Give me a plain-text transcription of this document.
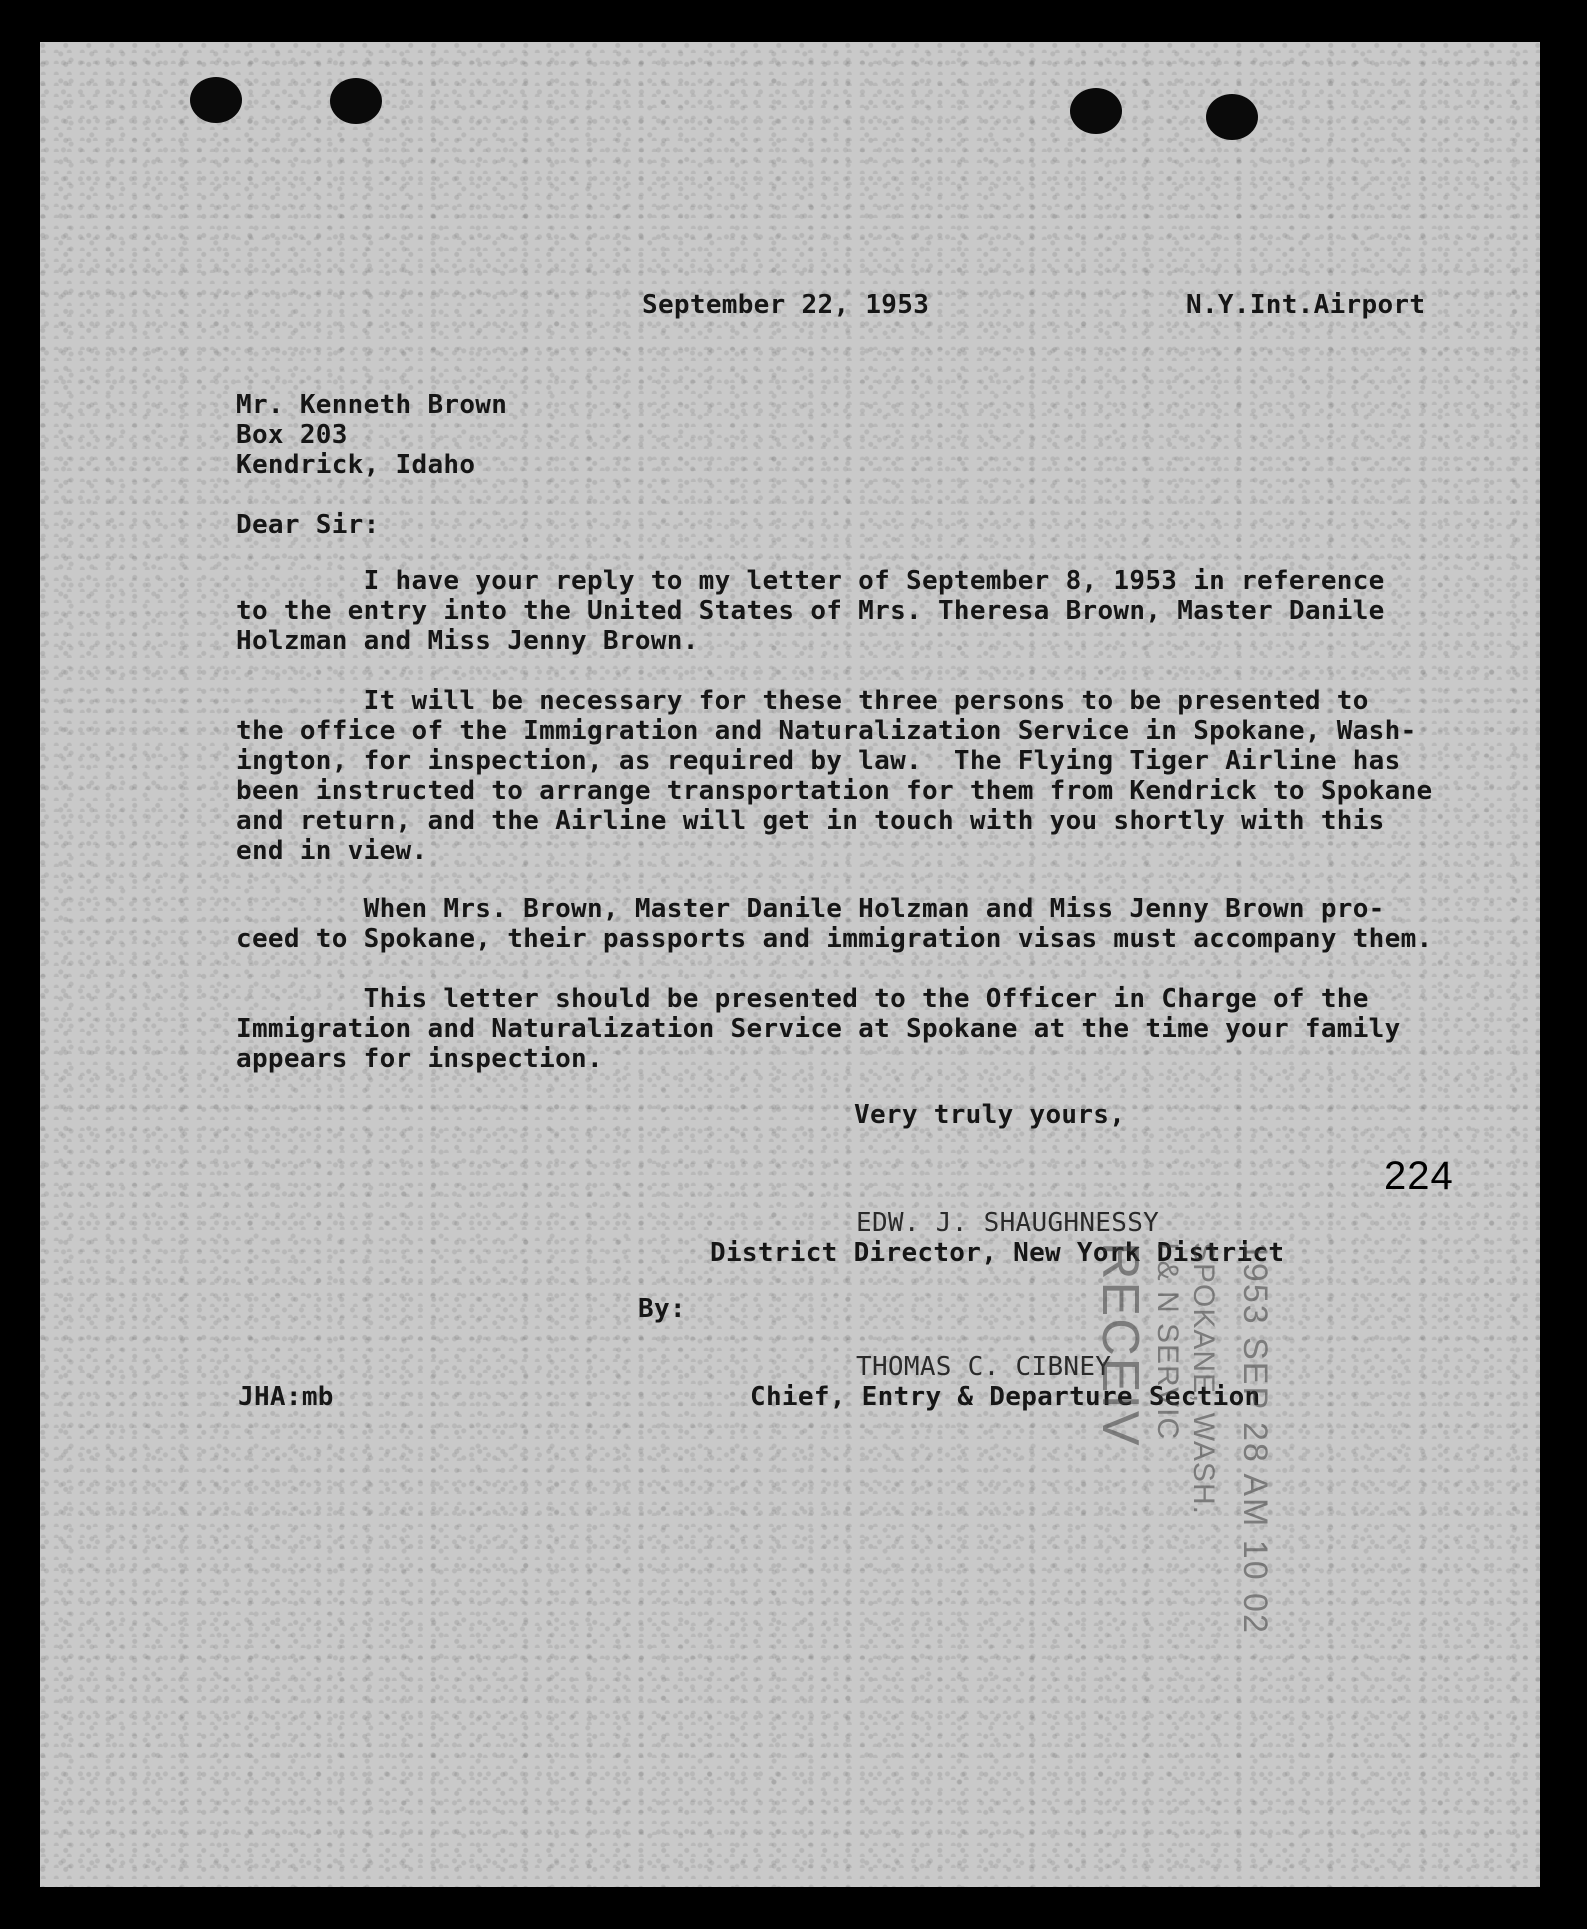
September 22, 1953	N.Y.Int.Airport
Mr. Kenneth Brown
Box 203
Kendrick, Idaho
Dear Sir:
I have your reply to my letter of September 8, 1953 in reference
to the entry into the United States of Mrs. Theresa Brown, Master Danile
Holzman and Miss Jenny Brown.
It will be necessary for these three persons to be presented to
the office of the Immigration and Naturalization Service in Spokane, Wash-
ington, for inspection, as required by law.  The Flying Tiger Airline has
been instructed to arrange transportation for them from Kendrick to Spokane
and return, and the Airline will get in touch with you shortly with this
end in view.
When Mrs. Brown, Master Danile Holzman and Miss Jenny Brown pro-
ceed to Spokane, their passports and immigration visas must accompany them.
This letter should be presented to the Officer in Charge of the
Immigration and Naturalization Service at Spokane at the time your family
appears for inspection.
Very truly yours,
224
EDW. J. SHAUGHNESSY
District Director, New York District
By:
THOMAS C. CIBNEY
JHA:mb	Chief, Entry & Departure Section
1953 SEP 28 AM 10 02
SPOKANE, WASH.
I & N SERVIC
RECEIV
